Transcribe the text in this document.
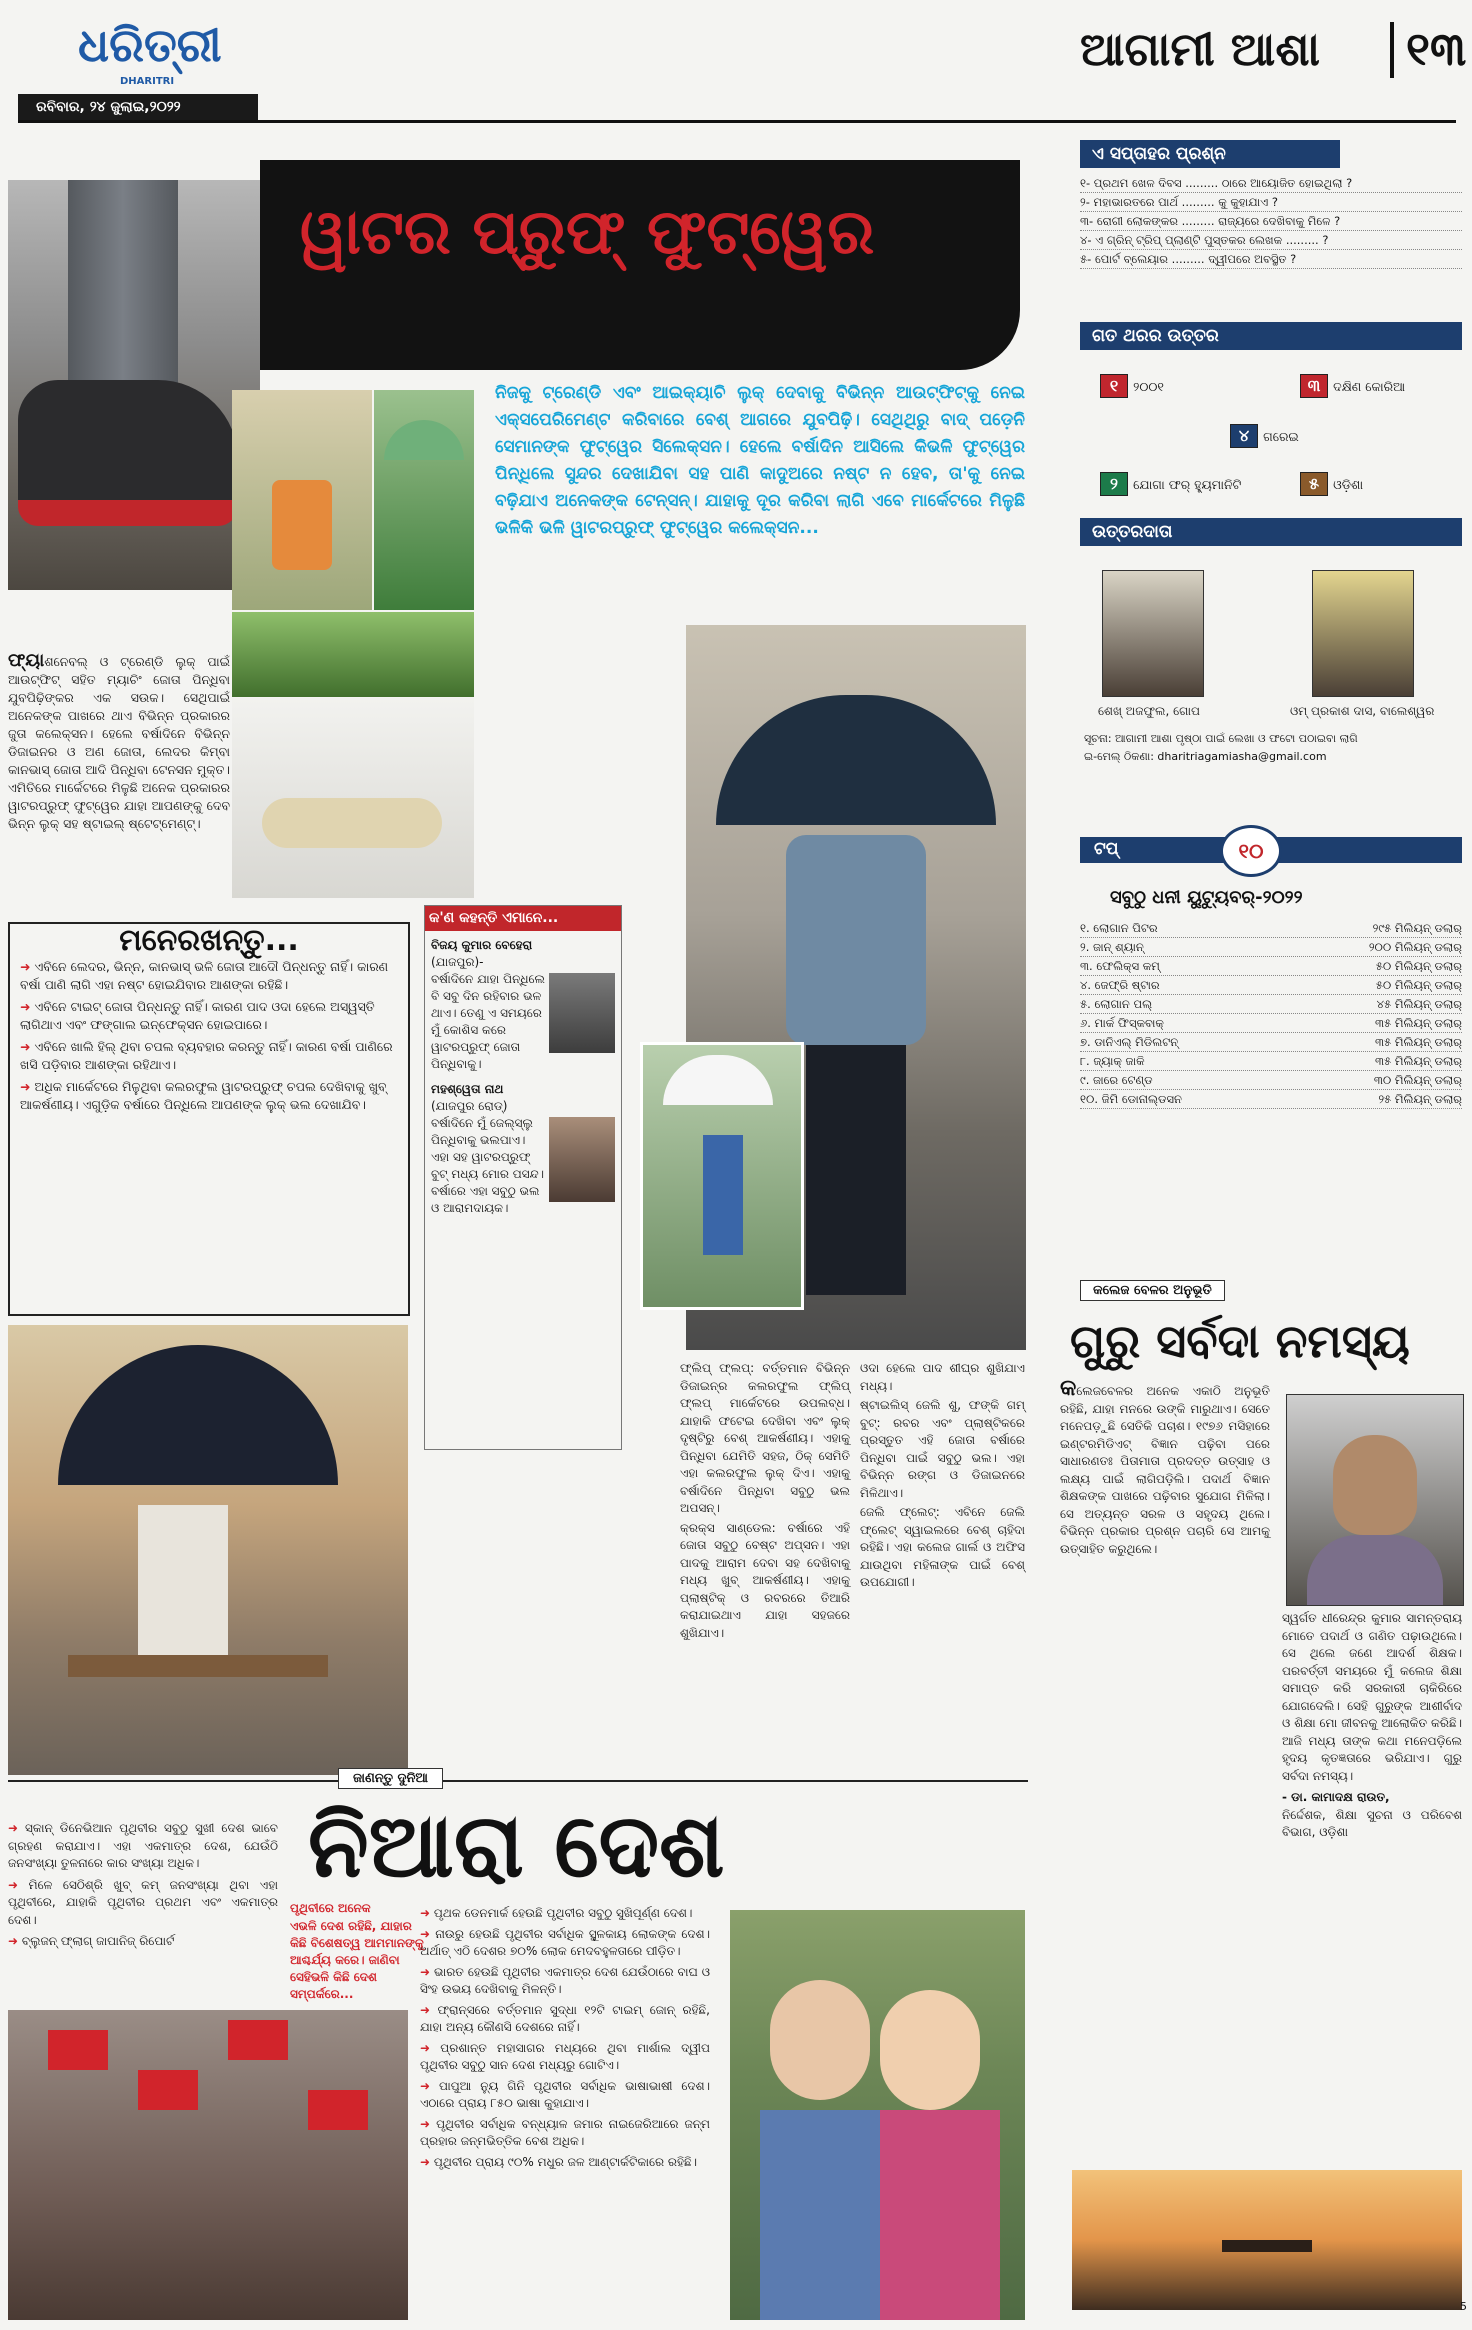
ଧରିତ୍ରୀ
DHARITRI
ରବିବାର, ୨୪ ଜୁଲାଇ,୨୦୨୨
ଆଗାମୀ ଆଶା	୧୩
ୱାଟର ପ୍ରୁଫ୍ ଫୁଟ୍‌ୱେର

ନିଜକୁ ଟ୍ରେଣ୍ଡି ଏବଂ ଆଇକ୍ୟାଚି ଲୁକ୍ ଦେବାକୁ ବିଭିନ୍ନ ଆଉଟ୍‌ଫିଟ୍‌କୁ ନେଇ ଏକ୍ସପେରିମେଣ୍ଟ କରିବାରେ ବେଶ୍ ଆଗରେ ଯୁବପିଢ଼ି। ସେଥିଥିରୁ ବାଦ୍ ପଡ଼େନି ସେମାନଙ୍କ ଫୁଟ୍‌ୱେର ସିଲେକ୍ସନ। ହେଲେ ବର୍ଷାଦିନ ଆସିଲେ କିଭଳି ଫୁଟ୍‌ୱେର ପିନ୍ଧିଲେ ସୁନ୍ଦର ଦେଖାଯିବା ସହ ପାଣି କାଦୁଅରେ ନଷ୍ଟ ନ ହେବ, ତା'କୁ ନେଇ ବଢ଼ିଯାଏ ଅନେକଙ୍କ ଟେନ୍‌ସନ୍। ଯାହାକୁ ଦୂର କରିବା ଲାଗି ଏବେ ମାର୍କେଟରେ ମିଳୁଛି ଭଳିକି ଭଳି ୱାଟରପ୍ରୁଫ୍ ଫୁଟ୍‌ୱେର କଲେକ୍‌ସନ...

ଫ୍ୟାଶନେବଲ୍ ଓ ଟ୍ରେଣ୍ଡି ଲୁକ୍ ପାଇଁ ଆଉଟ୍‌ଫିଟ୍ ସହିତ ମ୍ୟାଚିଂ ଜୋତା ପିନ୍ଧିବା ଯୁବପିଢ଼ିଙ୍କର ଏକ ସଉକ। ସେଥିପାଇଁ ଅନେକଙ୍କ ପାଖରେ ଥାଏ ବିଭିନ୍ନ ପ୍ରକାରର ଜୁତା କଲେକ୍‌ସନ। ହେଲେ ବର୍ଷାଦିନେ ବିଭିନ୍ନ ଡିଜାଇନର ଓ ଅଣ ଜୋତା, ଲେଦର କିମ୍ବା କାନଭାସ୍ ଜୋତା ଆଦି ପିନ୍ଧିବା ଟେନସନ ମୁକ୍ତ। ଏମିତିରେ ମାର୍କେଟରେ ମିଳୁଛି ଅନେକ ପ୍ରକାରର ୱାଟରପ୍ରୁଫ୍ ଫୁଟ୍‌ୱେର ଯାହା ଆପଣଙ୍କୁ ଦେବ ଭିନ୍ନ ଲୁକ୍ ସହ ଷ୍ଟାଇଲ୍ ଷ୍ଟେଟ୍‌ମେଣ୍ଟ୍।
ମନେରଖନ୍ତୁ...
➜ ଏବିନେ ଲେଦର, ଭିନ୍ନ, କାନଭାସ୍ ଭଳି ଜୋତା ଆଦୌ ପିନ୍ଧନ୍ତୁ ନାହିଁ। କାରଣ ବର୍ଷା ପାଣି ଲାଗି ଏହା ନଷ୍ଟ ହୋଇଯିବାର ଆଶଙ୍କା ରହିଛି।
➜ ଏବିନେ ଟାଇଟ୍ ଜୋତା ପିନ୍ଧନ୍ତୁ ନାହିଁ। କାରଣ ପାଦ ଓଦା ହେଲେ ଅସ୍ୱସ୍ତି ଲାଗିଥାଏ ଏବଂ ଫଙ୍ଗାଲ ଇନ୍‌ଫେକ୍‌ସନ ହୋଇପାରେ।
➜ ଏବିନେ ଖାଲି ହିଲ୍ ଥିବା ଚପଲ ବ୍ୟବହାର କରନ୍ତୁ ନାହିଁ। କାରଣ ବର୍ଷା ପାଣିରେ ଖସି ପଡ଼ିବାର ଆଶଙ୍କା ରହିଥାଏ।
➜ ଅଧିକ ମାର୍କେଟରେ ମିଳୁଥିବା କଲରଫୁଲ ୱାଟରପ୍ରୁଫ୍ ଚପଲ ଦେଖିବାକୁ ଖୁବ୍ ଆକର୍ଷଣୀୟ। ଏଗୁଡ଼ିକ ବର୍ଷାରେ ପିନ୍ଧିଲେ ଆପଣଙ୍କ ଲୁକ୍ ଭଲ ଦେଖାଯିବ।
କ'ଣ କହନ୍ତି ଏମାନେ...
ବିଜୟ କୁମାର ବେହେରା
(ଯାଜପୁର)-
ବର୍ଷାଦିନେ ଯାହା ପିନ୍ଧିଲେ ବି ସବୁ ଦିନ ରହିବାର ଭଳ ଥାଏ। ତେଣୁ ଏ ସମୟରେ ମୁଁ କୋଶିସ କରେ ୱାଟରପ୍ରୁଫ୍ ଜୋତା ପିନ୍ଧିବାକୁ।
ମହଶ୍ୱେତା ନାଥ
(ଯାଜପୁର ରୋଡ୍)
ବର୍ଷାଦିନେ ମୁଁ ଜେଲ୍‌ସ୍ଲୁ ପିନ୍ଧିବାକୁ ଭଲପାଏ। ଏହା ସହ ୱାଟରପ୍ରୁଫ୍ ବୁଟ୍ ମଧ୍ୟ ମୋର ପସନ୍ଦ। ବର୍ଷାରେ ଏହା ସବୁଠୁ ଭଲ ଓ ଆରାମଦାୟକ।

ଫ୍ଲିପ୍ ଫ୍ଲପ୍: ବର୍ତ୍ତମାନ ବିଭିନ୍ନ ଡିଜାଇନ୍‌ର କଲରଫୁଲ ଫ୍ଲିପ୍ ଫ୍ଲପ୍ ମାର୍କେଟରେ ଉପଲବ୍ଧ। ଯାହାକି ଫଟେଇ ଦେଖିବା ଏବଂ ଲୁକ୍ ଦୃଷ୍ଟିରୁ ବେଶ୍ ଆକର୍ଷଣୀୟ। ଏହାକୁ ପିନ୍ଧିବା ଯେମିତି ସହଜ, ଠିକ୍ ସେମିତି ଏହା କଲରଫୁଲ ଲୁକ୍ ଦିଏ। ଏହାକୁ ବର୍ଷାଦିନେ ପିନ୍ଧିବା ସବୁଠୁ ଭଲ ଅପସନ୍।

କ୍ରକ୍ସ ସାଣ୍ଡେଲ: ବର୍ଷାରେ ଏହି ଜୋତା ସବୁଠୁ ବେଷ୍ଟ ଅପ୍ସନ। ଏହା ପାଦକୁ ଆରାମ ଦେବା ସହ ଦେଖିବାକୁ ମଧ୍ୟ ଖୁବ୍ ଆକର୍ଷଣୀୟ। ଏହାକୁ ପ୍ଲାଷ୍ଟିକ୍ ଓ ରବରରେ ତିଆରି କରାଯାଇଥାଏ ଯାହା ସହଜରେ ଶୁଖିଯାଏ।

ଓଦା ହେଲେ ପାଦ ଶୀଘ୍ର ଶୁଖିଯାଏ ମଧ୍ୟ।

ଷ୍ଟାଇଲିସ୍ ଜେଲି ଶୁ, ଫଙ୍କି ଗମ୍ ବୁଟ୍: ରବର ଏବଂ ପ୍ଲାଷ୍ଟିକରେ ପ୍ରସ୍ତୁତ ଏହି ଜୋତା ବର୍ଷାରେ ପିନ୍ଧିବା ପାଇଁ ସବୁଠୁ ଭଲ। ଏହା ବିଭିନ୍ନ ରଙ୍ଗ ଓ ଡିଜାଇନରେ ମିଳିଥାଏ।

ଜେଲି ଫ୍ଲେଟ୍: ଏବିନେ ଜେଲି ଫ୍ଲେଟ୍ ସ୍ୱାଇଲରେ ବେଶ୍ ଚାହିଦା ରହିଛି। ଏହା କଲେଜ ଗାର୍ଲ ଓ ଅଫିସ ଯାଉଥିବା ମହିଳାଙ୍କ ପାଇଁ ବେଶ୍ ଉପଯୋଗୀ।

ଏ ସପ୍ତାହର ପ୍ରଶ୍ନ
୧- ପ୍ରଥମ ଖେଳ ଦିବସ ......... ଠାରେ ଆୟୋଜିତ ହୋଇଥିଲା ?
୨- ମହାଭାରତରେ ପାର୍ଥ ......... କୁ କୁହାଯାଏ ?
୩- ରୋଗୀ ଲୋକଙ୍କର ......... ରାଜ୍ୟରେ ଦେଖିବାକୁ ମିଳେ ?
୪- ଏ ଗ୍ରିନ୍ ଟ୍ରିପ୍ ପ୍ଲାଣ୍ଟି ପୁସ୍ତକର ଲେଖକ ......... ?
୫- ପୋର୍ଟ ବ୍ଲେୟାର ......... ଦ୍ୱୀପରେ ଅବସ୍ଥିତ ?
ଗତ ଥରର ଉତ୍ତର
୧ ୨୦୦୧	୩ ଦକ୍ଷିଣ କୋରିଆ
୪ ଗରେଇ
୨ ଯୋଗା ଫର୍ ହ୍ୟୁମାନିଟି	୫ ଓଡ଼ିଶା
ଉତ୍ତରଦାତା
ଶେଖ୍ ଅଜଫୁଲ, ଗୋପ	ଓମ୍ ପ୍ରକାଶ ଦାସ, ବାଲେଶ୍ୱର
ସୂଚନା: ଆଗାମୀ ଆଶା ପୃଷ୍ଠା ପାଇଁ ଲେଖା ଓ ଫଟୋ ପଠାଇବା ଲାଗି
ଇ-ମେଲ୍ ଠିକଣା: dharitriagamiasha@gmail.com
ଟପ୍	୧୦
ସବୁଠୁ ଧନୀ ୟୁଟ୍ୟୁବର୍-୨୦୨୨
୧. ଲୋଗାନ ପିଟର	୨୯୫ ମିଲିୟନ୍ ଡଲାର୍
୨. ଜାନ୍ ଶ୍ୟାନ୍	୨୦୦ ମିଲିୟନ୍ ଡଲାର୍
୩. ଫେଲିକ୍ସ କମ୍	୫୦ ମିଲିୟନ୍ ଡଲାର୍
୪. ଜେଫ୍ରି ଷ୍ଟାର	୫୦ ମିଲିୟନ୍ ଡଲାର୍
୫. ଲୋଗାନ ପଲ୍	୪୫ ମିଲିୟନ୍ ଡଲାର୍
୬. ମାର୍କ ଫିସ୍କବାକ୍	୩୫ ମିଲିୟନ୍ ଡଲାର୍
୭. ଡାନିଏଲ୍ ମିଡିଲଟନ୍	୩୫ ମିଲିୟନ୍ ଡଲାର୍
୮. ଜ୍ୟାକ୍ ଜାକି	୩୫ ମିଲିୟନ୍ ଡଲାର୍
୯. ଜାରେ ଟେଣ୍ଡ	୩୦ ମିଲିୟନ୍ ଡଲାର୍
୧୦. ଜିମି ଡୋନାଲ୍ଡସନ	୨୫ ମିଲିୟନ୍ ଡଲାର୍
କଲେଜ ବେଳର ଅନୁଭୂତି
ଗୁରୁ ସର୍ବଦା ନମସ୍ୟ
କଲେଜବେଳର ଅନେକ ଏକାଠି ଅନୁଭୂତି ରହିଛି, ଯାହା ମନରେ ଉଙ୍କି ମାରୁଥାଏ। ସେତେ ମନେପଡ଼ୁଛି ସେତିକି ପଚାଶ। ୧୯୭୬ ମସିହାରେ ଇଣ୍ଟରମିଡିଏଟ୍ ବିଜ୍ଞାନ ପଢ଼ିବା ପରେ ସାଧାରଣତଃ ପିତାମାତା ପ୍ରଦତ୍ତ ଉତ୍ସାହ ଓ ଲକ୍ଷ୍ୟ ପାଇଁ ଲାଗିପଡ଼ିଲି। ପଦାର୍ଥ ବିଜ୍ଞାନ ଶିକ୍ଷକଙ୍କ ପାଖରେ ପଢ଼ିବାର ସୁଯୋଗ ମିଳିଲା। ସେ ଅତ୍ୟନ୍ତ ସରଳ ଓ ସହୃଦୟ ଥିଲେ। ବିଭିନ୍ନ ପ୍ରକାର ପ୍ରଶ୍ନ ପଚାରି ସେ ଆମକୁ ଉତ୍ସାହିତ କରୁଥିଲେ।
ସ୍ୱର୍ଗତ ଧୀରେନ୍ଦ୍ର କୁମାର ସାମନ୍ତରାୟ ମୋତେ ପଦାର୍ଥ ଓ ଗଣିତ ପଢ଼ାଉଥିଲେ। ସେ ଥିଲେ ଜଣେ ଆଦର୍ଶ ଶିକ୍ଷକ। ପରବର୍ତ୍ତୀ ସମୟରେ ମୁଁ କଲେଜ ଶିକ୍ଷା ସମାପ୍ତ କରି ସରକାରୀ ଚାକିରିରେ ଯୋଗଦେଲି। ସେହି ଗୁରୁଙ୍କ ଆଶୀର୍ବାଦ ଓ ଶିକ୍ଷା ମୋ ଜୀବନକୁ ଆଲୋକିତ କରିଛି। ଆଜି ମଧ୍ୟ ତାଙ୍କ କଥା ମନେପଡ଼ିଲେ ହୃଦୟ କୃତଜ୍ଞତାରେ ଭରିଯାଏ। ଗୁରୁ ସର୍ବଦା ନମସ୍ୟ।
- ଡା. କାମାଦକ୍ଷ ରାଉତ,
ନିର୍ଦ୍ଦେଶକ, ଶିକ୍ଷା ସୁଚନା ଓ ପରିବେଶ ବିଭାଗ, ଓଡ଼ିଶା
ଜାଣନ୍ତୁ ଦୁନିଆ
ନିଆରା ଦେଶ
➜ ସ୍କାନ୍ ଡିନେଭିଆନ ପୃଥିବୀର ସବୁଠୁ ସୁଖୀ ଦେଶ ଭାବେ ଗ୍ରହଣ କରାଯାଏ। ଏହା ଏକମାତ୍ର ଦେଶ, ଯେଉଁଠି ଜନସଂଖ୍ୟା ତୁଳନାରେ କାର ସଂଖ୍ୟା ଅଧିକ।
➜ ମିଳେ ସେଠିଶ୍ରି ଖୁବ୍ କମ୍ ଜନସଂଖ୍ୟା ଥିବା ଏହା ପୃଥିବୀରେ, ଯାହାକି ପୃଥିବୀର ପ୍ରଥମ ଏବଂ ଏକମାତ୍ର ଦେଶ।
➜ ବ୍ଲୁଜନ୍ ଫ୍ଲାଗ୍ ଜାପାନିଜ୍ ରିପୋର୍ଟ
ପୃଥିବୀରେ ଅନେକ
ଏଭଳି ଦେଶ ରହିଛି, ଯାହାର କିଛି ବିଶେଷତ୍ୱ ଆମମାନଙ୍କୁ ଆଶ୍ଚର୍ଯ୍ୟ କରେ। ଜାଣିବା ସେହିଭଳି କିଛି ଦେଶ ସମ୍ପର୍କରେ...
➜ ପୃଥକ ଡେନମାର୍କ ହେଉଛି ପୃଥିବୀର ସବୁଠୁ ସୁଖିପୂର୍ଣ୍ଣ ଦେଶ।
➜ ନାଉରୁ ହେଉଛି ପୃଥିବୀର ସର୍ବାଧିକ ସ୍ଥୂଳକାୟ ଲୋକଙ୍କ ଦେଶ। ଅର୍ଥାତ୍ ଏଠି ଦେଶର ୭୦% ଲୋକ ମେଦବହୁଳତାରେ ପୀଡ଼ିତ।
➜ ଭାରତ ହେଉଛି ପୃଥିବୀର ଏକମାତ୍ର ଦେଶ ଯେଉଁଠାରେ ବାଘ ଓ ସିଂହ ଉଭୟ ଦେଖିବାକୁ ମିଳନ୍ତି।
➜ ଫ୍ରାନ୍ସରେ ବର୍ତ୍ତମାନ ସୁଦ୍ଧା ୧୨ଟି ଟାଇମ୍ ଜୋନ୍ ରହିଛି, ଯାହା ଅନ୍ୟ କୌଣସି ଦେଶରେ ନାହିଁ।
➜ ପ୍ରଶାନ୍ତ ମହାସାଗର ମଧ୍ୟରେ ଥିବା ମାର୍ଶାଲ ଦ୍ୱୀପ ପୃଥିବୀର ସବୁଠୁ ସାନ ଦେଶ ମଧ୍ୟରୁ ଗୋଟିଏ।
➜ ପାପୁଆ ନ୍ୟୁ ଗିନି ପୃଥିବୀର ସର୍ବାଧିକ ଭାଷାଭାଷୀ ଦେଶ। ଏଠାରେ ପ୍ରାୟ ୮୫୦ ଭାଷା କୁହାଯାଏ।
➜ ପୃଥିବୀର ସର୍ବାଧିକ ବନ୍ଧ୍ୟାଳ ଜମାର ନାଇଜେରିଆରେ ଜନ୍ମ ପ୍ରହାର ଜନ୍ମଭିତ୍ତିକ ବେଶ ଅଧିକ।
➜ ପୃଥିବୀର ପ୍ରାୟ ୯୦% ମଧୁର ଜଳ ଆଣ୍ଟାର୍କଟିକାରେ ରହିଛି।
5
